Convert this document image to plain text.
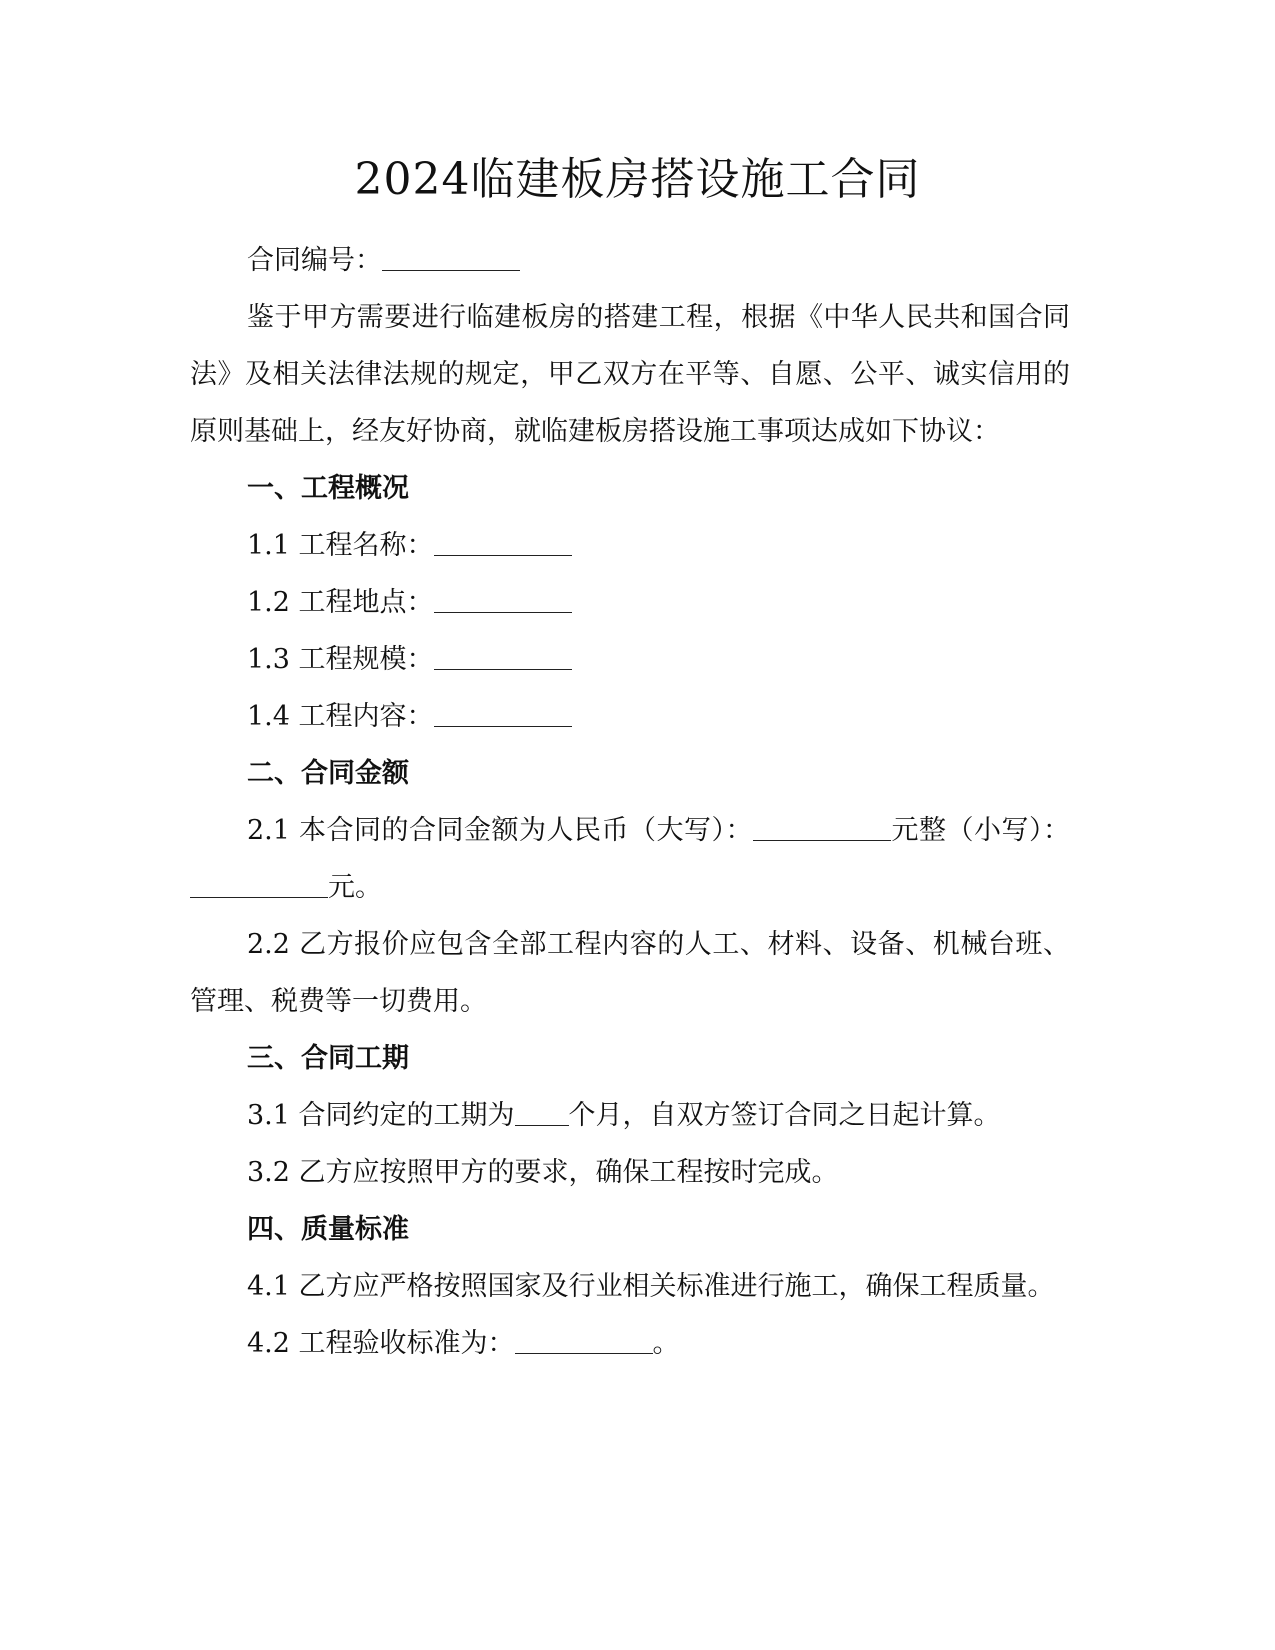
2024临建板房搭设施工合同

合同编号：

鉴于甲方需要进行临建板房的搭建工程，根据《中华人民共和国合同法》及相关法律法规的规定，甲乙双方在平等、自愿、公平、诚实信用的原则基础上，经友好协商，就临建板房搭设施工事项达成如下协议：

一、工程概况

1.1 工程名称：

1.2 工程地点：

1.3 工程规模：

1.4 工程内容：

二、合同金额

2.1 本合同的合同金额为人民币（大写）：	元整（小写）：元。

2.2 乙方报价应包含全部工程内容的人工、材料、设备、机械台班、管理、税费等一切费用。

三、合同工期

3.1 合同约定的工期为 个月，自双方签订合同之日起计算。

3.2 乙方应按照甲方的要求，确保工程按时完成。

四、质量标准

4.1 乙方应严格按照国家及行业相关标准进行施工，确保工程质量。

4.2 工程验收标准为：	。
